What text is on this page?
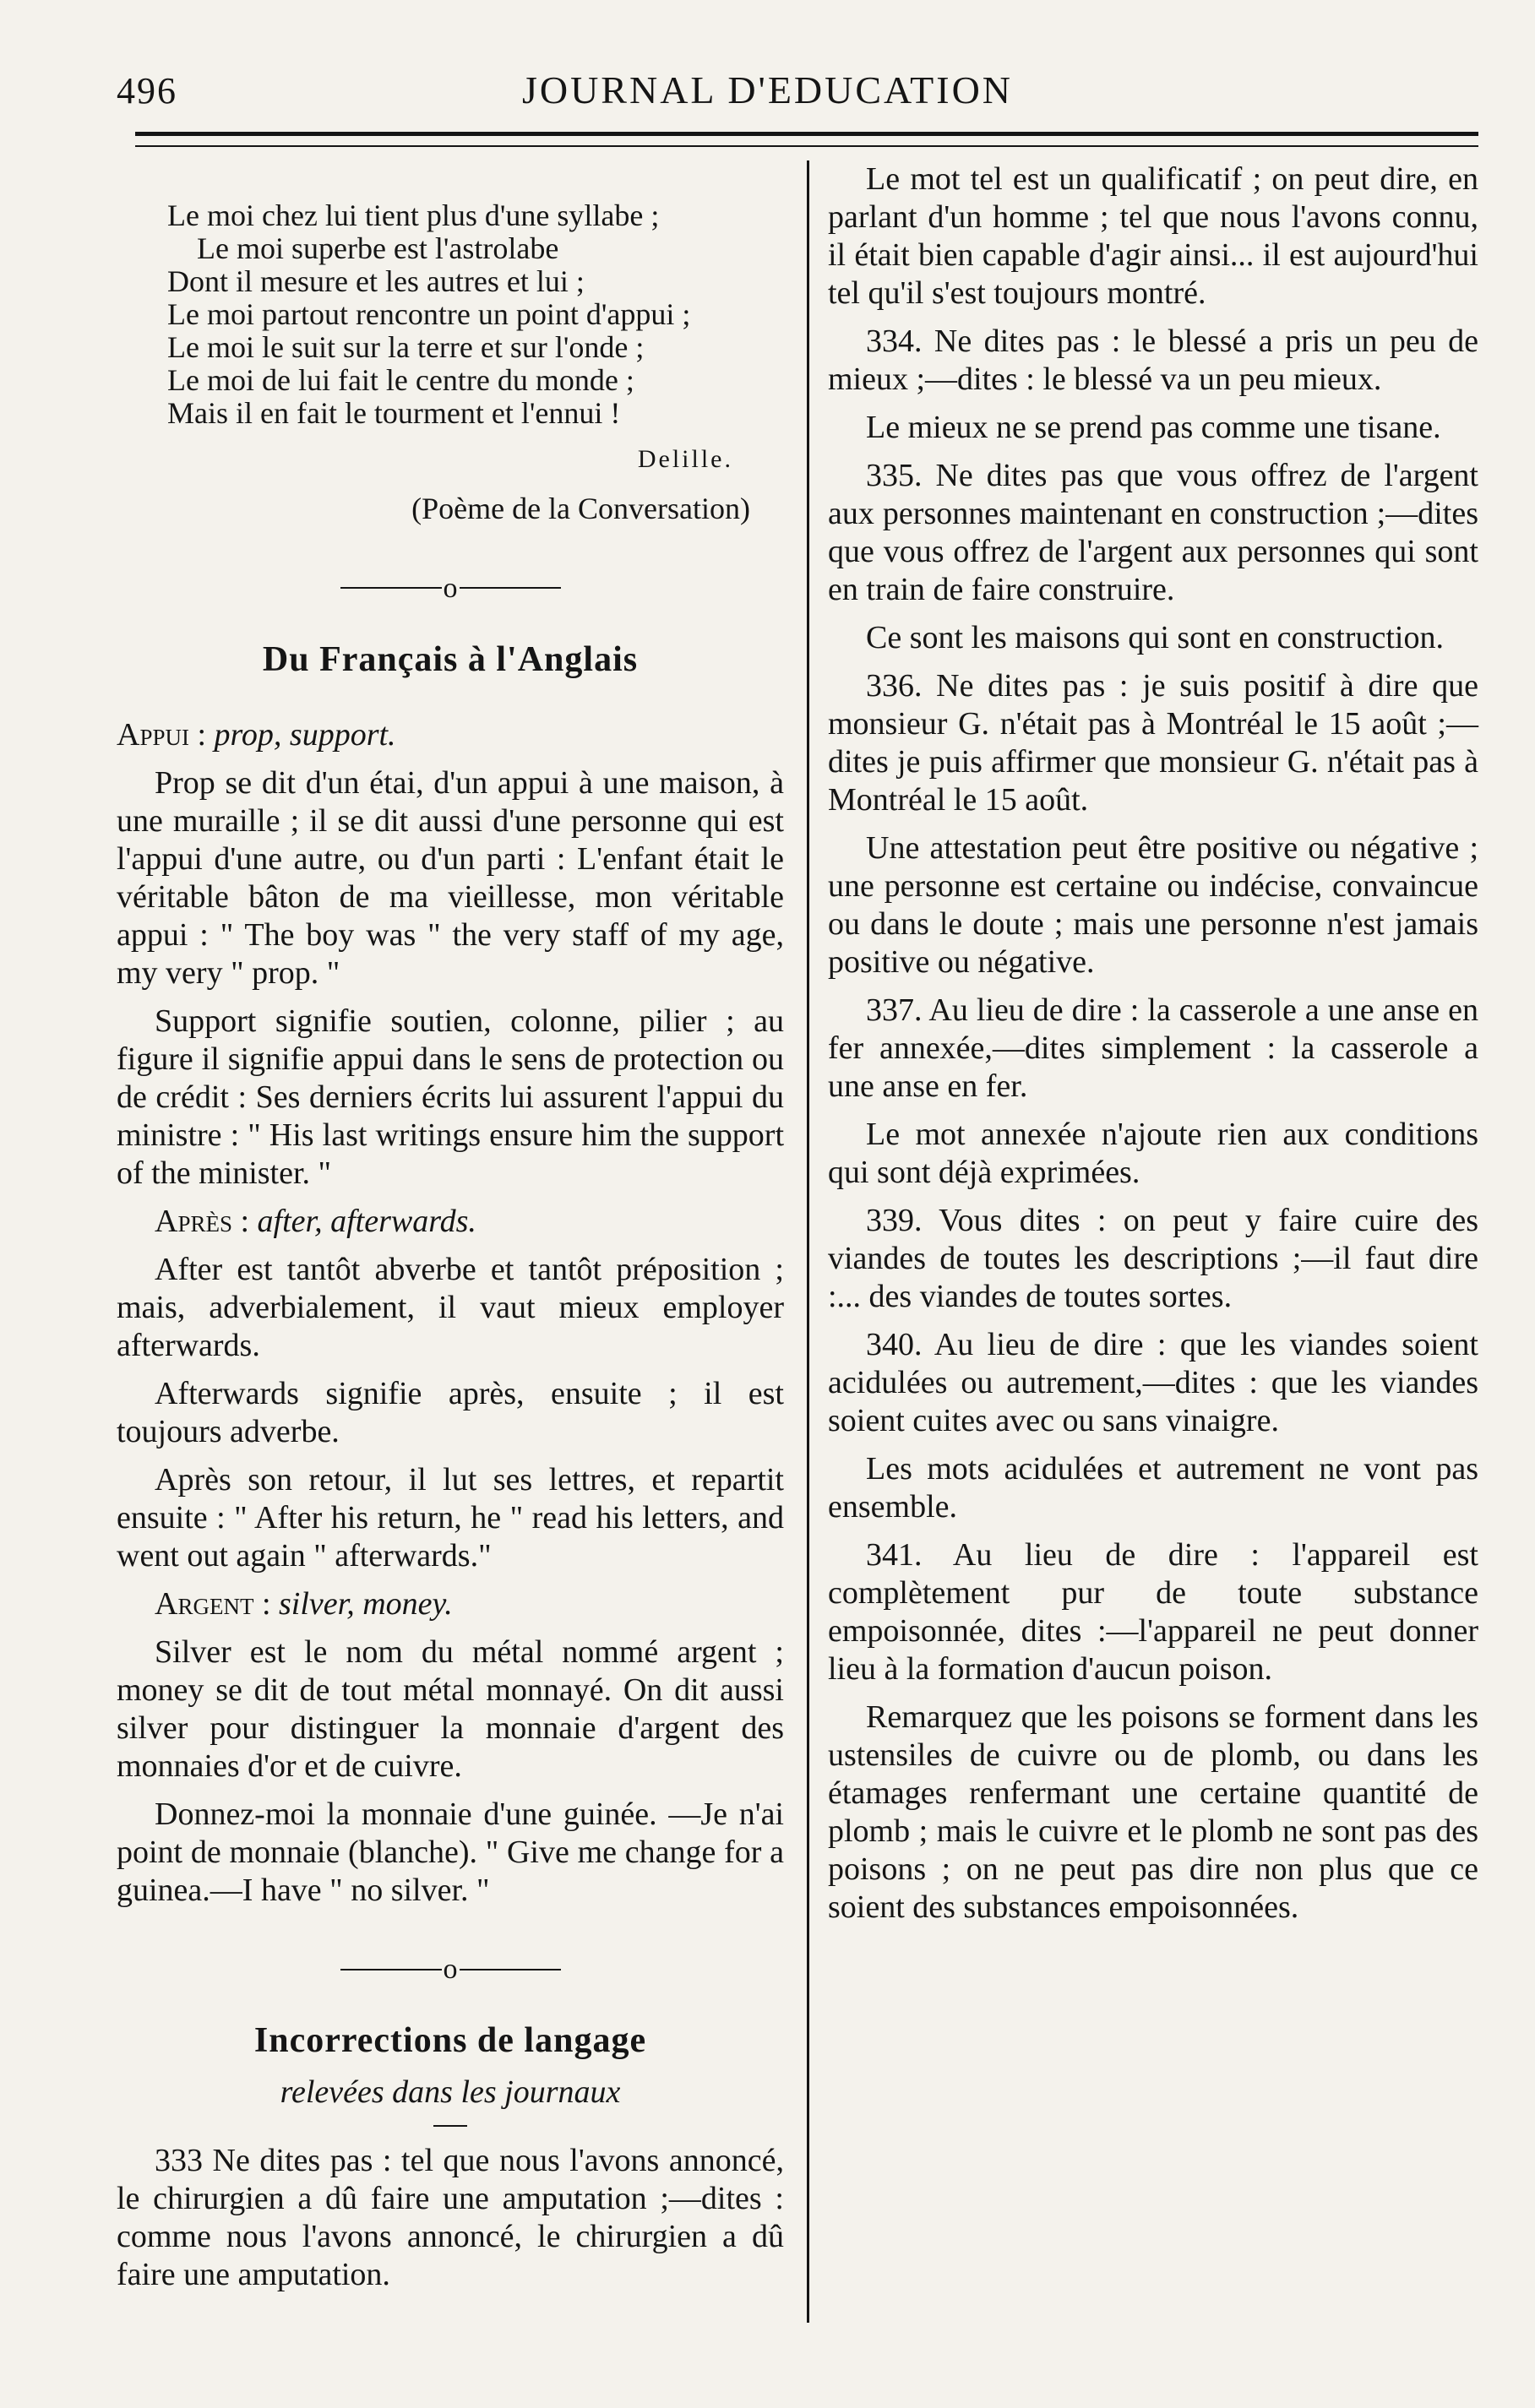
496	JOURNAL D'EDUCATION
Le moi chez lui tient plus d'une syllabe ;
Le moi superbe est l'astrolabe
Dont il mesure et les autres et lui ;
Le moi partout rencontre un point d'appui ;
Le moi le suit sur la terre et sur l'onde ;
Le moi de lui fait le centre du monde ;
Mais il en fait le tourment et l'ennui !
Delille.
(Poème de la Conversation)
o
Du Français à l'Anglais

Appui : prop, support.

Prop se dit d'un étai, d'un appui à une maison, à une muraille ; il se dit aussi d'une personne qui est l'appui d'une autre, ou d'un parti : L'enfant était le véritable bâton de ma vieillesse, mon véritable appui : " The boy was " the very staff of my age, my very " prop. "

Support signifie soutien, colonne, pilier ; au figure il signifie appui dans le sens de protection ou de crédit : Ses derniers écrits lui assurent l'appui du ministre : " His last writings ensure him the support of the minister. "

Après : after, afterwards.

After est tantôt abverbe et tantôt préposition ; mais, adverbialement, il vaut mieux employer afterwards.

Afterwards signifie après, ensuite ; il est toujours adverbe.

Après son retour, il lut ses lettres, et repartit ensuite : " After his return, he " read his letters, and went out again " afterwards."

Argent : silver, money.

Silver est le nom du métal nommé argent ; money se dit de tout métal monnayé. On dit aussi silver pour distinguer la monnaie d'argent des monnaies d'or et de cuivre.

Donnez-moi la monnaie d'une guinée. —Je n'ai point de monnaie (blanche). " Give me change for a guinea.—I have " no silver. "

o
Incorrections de langage
relevées dans les journaux

333 Ne dites pas : tel que nous l'avons annoncé, le chirurgien a dû faire une amputation ;—dites : comme nous l'avons annoncé, le chirurgien a dû faire une amputation.

Le mot tel est un qualificatif ; on peut dire, en parlant d'un homme ; tel que nous l'avons connu, il était bien capable d'agir ainsi... il est aujourd'hui tel qu'il s'est toujours montré.

334. Ne dites pas : le blessé a pris un peu de mieux ;—dites : le blessé va un peu mieux.

Le mieux ne se prend pas comme une tisane.

335. Ne dites pas que vous offrez de l'argent aux personnes maintenant en construction ;—dites que vous offrez de l'argent aux personnes qui sont en train de faire construire.

Ce sont les maisons qui sont en construction.

336. Ne dites pas : je suis positif à dire que monsieur G. n'était pas à Montréal le 15 août ;—dites je puis affirmer que monsieur G. n'était pas à Montréal le 15 août.

Une attestation peut être positive ou négative ; une personne est certaine ou indécise, convaincue ou dans le doute ; mais une personne n'est jamais positive ou négative.

337. Au lieu de dire : la casserole a une anse en fer annexée,—dites simplement : la casserole a une anse en fer.

Le mot annexée n'ajoute rien aux conditions qui sont déjà exprimées.

339. Vous dites : on peut y faire cuire des viandes de toutes les descriptions ;—il faut dire :... des viandes de toutes sortes.

340. Au lieu de dire : que les viandes soient acidulées ou autrement,—dites : que les viandes soient cuites avec ou sans vinaigre.

Les mots acidulées et autrement ne vont pas ensemble.

341. Au lieu de dire : l'appareil est complètement pur de toute substance empoisonnée, dites :—l'appareil ne peut donner lieu à la formation d'aucun poison.

Remarquez que les poisons se forment dans les ustensiles de cuivre ou de plomb, ou dans les étamages renfermant une certaine quantité de plomb ; mais le cuivre et le plomb ne sont pas des poisons ; on ne peut pas dire non plus que ce soient des substances empoisonnées.
